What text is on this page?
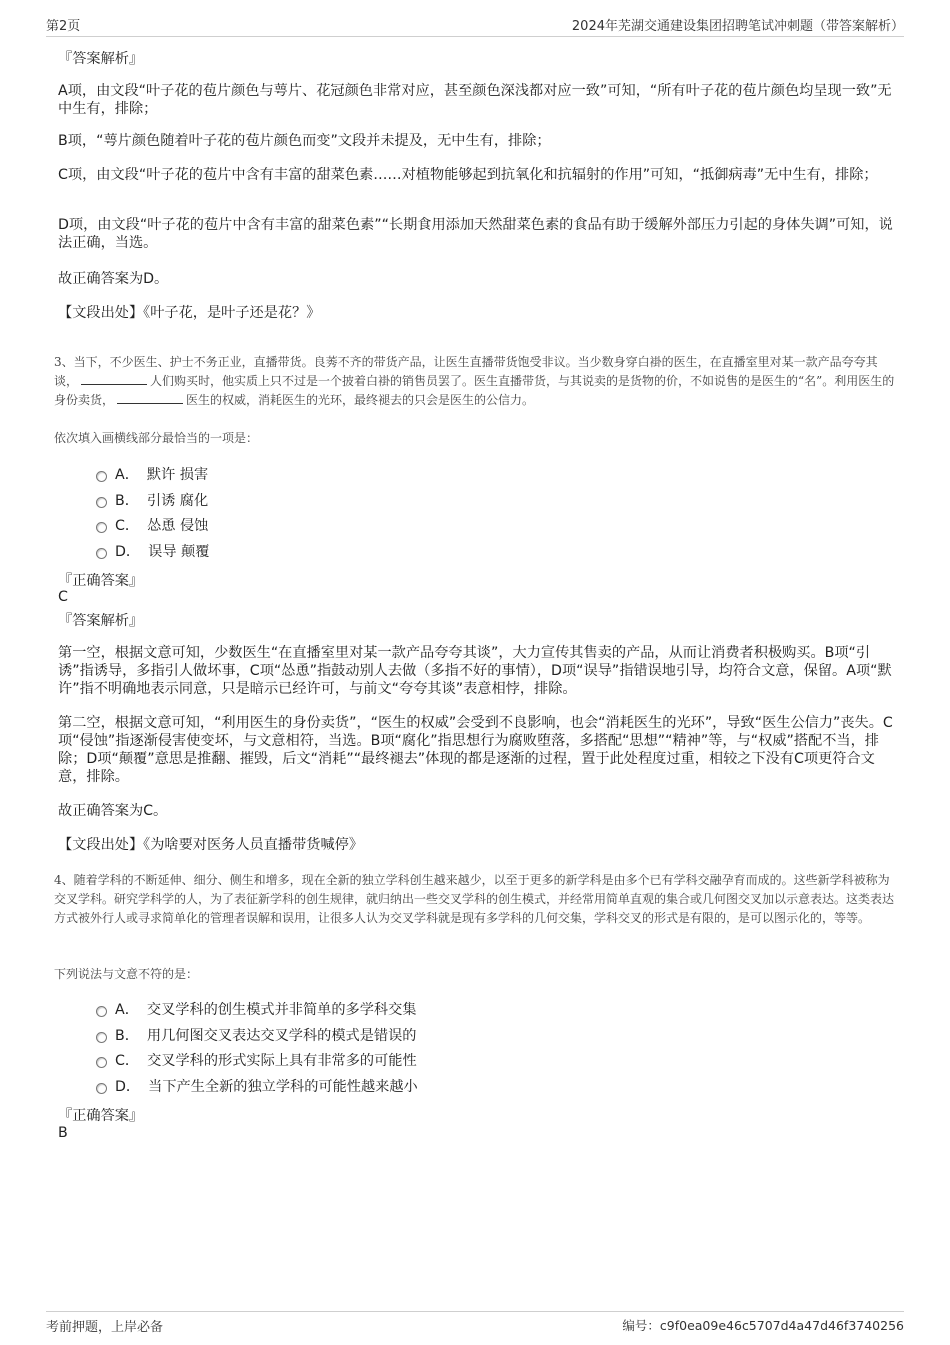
第2页	2024年芜湖交通建设集团招聘笔试冲刺题（带答案解析）
『答案解析』
A项，由文段“叶子花的苞片颜色与萼片、花冠颜色非常对应，甚至颜色深浅都对应一致”可知，“所有叶子花的苞片颜色均呈现一致”无中生有，排除；
B项，“萼片颜色随着叶子花的苞片颜色而变”文段并未提及，无中生有，排除；
C项，由文段“叶子花的苞片中含有丰富的甜菜色素……对植物能够起到抗氧化和抗辐射的作用”可知，“抵御病毒”无中生有，排除；
D项，由文段“叶子花的苞片中含有丰富的甜菜色素”“长期食用添加天然甜菜色素的食品有助于缓解外部压力引起的身体失调”可知，说法正确，当选。
故正确答案为D。
【文段出处】《叶子花，是叶子还是花？》
3、当下，不少医生、护士不务正业，直播带货。良莠不齐的带货产品，让医生直播带货饱受非议。当少数身穿白褂的医生，在直播室里对某一款产品夸夸其谈，	人们购买时，他实质上只不过是一个披着白褂的销售员罢了。医生直播带货，与其说卖的是货物的价，不如说售的是医生的“名”。利用医生的身份卖货，	医生的权威，消耗医生的光环，最终褪去的只会是医生的公信力。
依次填入画横线部分最恰当的一项是：
A． 默许 损害
B． 引诱 腐化
C． 怂恿 侵蚀
D． 误导 颠覆
『正确答案』
C
『答案解析』
第一空，根据文意可知，少数医生“在直播室里对某一款产品夸夸其谈”，大力宣传其售卖的产品，从而让消费者积极购买。B项“引诱”指诱导，多指引人做坏事，C项“怂恿”指鼓动别人去做（多指不好的事情），D项“误导”指错误地引导，均符合文意，保留。A项“默许”指不明确地表示同意，只是暗示已经许可，与前文“夸夸其谈”表意相悖，排除。
第二空，根据文意可知，“利用医生的身份卖货”，“医生的权威”会受到不良影响，也会“消耗医生的光环”，导致“医生公信力”丧失。C项“侵蚀”指逐渐侵害使变坏，与文意相符，当选。B项“腐化”指思想行为腐败堕落，多搭配“思想”“精神”等，与“权威”搭配不当，排除；D项“颠覆”意思是推翻、摧毁，后文“消耗”“最终褪去”体现的都是逐渐的过程，置于此处程度过重，相较之下没有C项更符合文意，排除。
故正确答案为C。
【文段出处】《为啥要对医务人员直播带货喊停》
4、随着学科的不断延伸、细分、侧生和增多，现在全新的独立学科创生越来越少，以至于更多的新学科是由多个已有学科交融孕育而成的。这些新学科被称为交叉学科。研究学科学的人，为了表征新学科的创生规律，就归纳出一些交叉学科的创生模式，并经常用简单直观的集合或几何图交叉加以示意表达。这类表达方式被外行人或寻求简单化的管理者误解和误用，让很多人认为交叉学科就是现有多学科的几何交集，学科交叉的形式是有限的，是可以图示化的，等等。
下列说法与文意不符的是：
A． 交叉学科的创生模式并非简单的多学科交集
B． 用几何图交叉表达交叉学科的模式是错误的
C． 交叉学科的形式实际上具有非常多的可能性
D． 当下产生全新的独立学科的可能性越来越小
『正确答案』
B
考前押题，上岸必备	编号：c9f0ea09e46c5707d4a47d46f3740256
